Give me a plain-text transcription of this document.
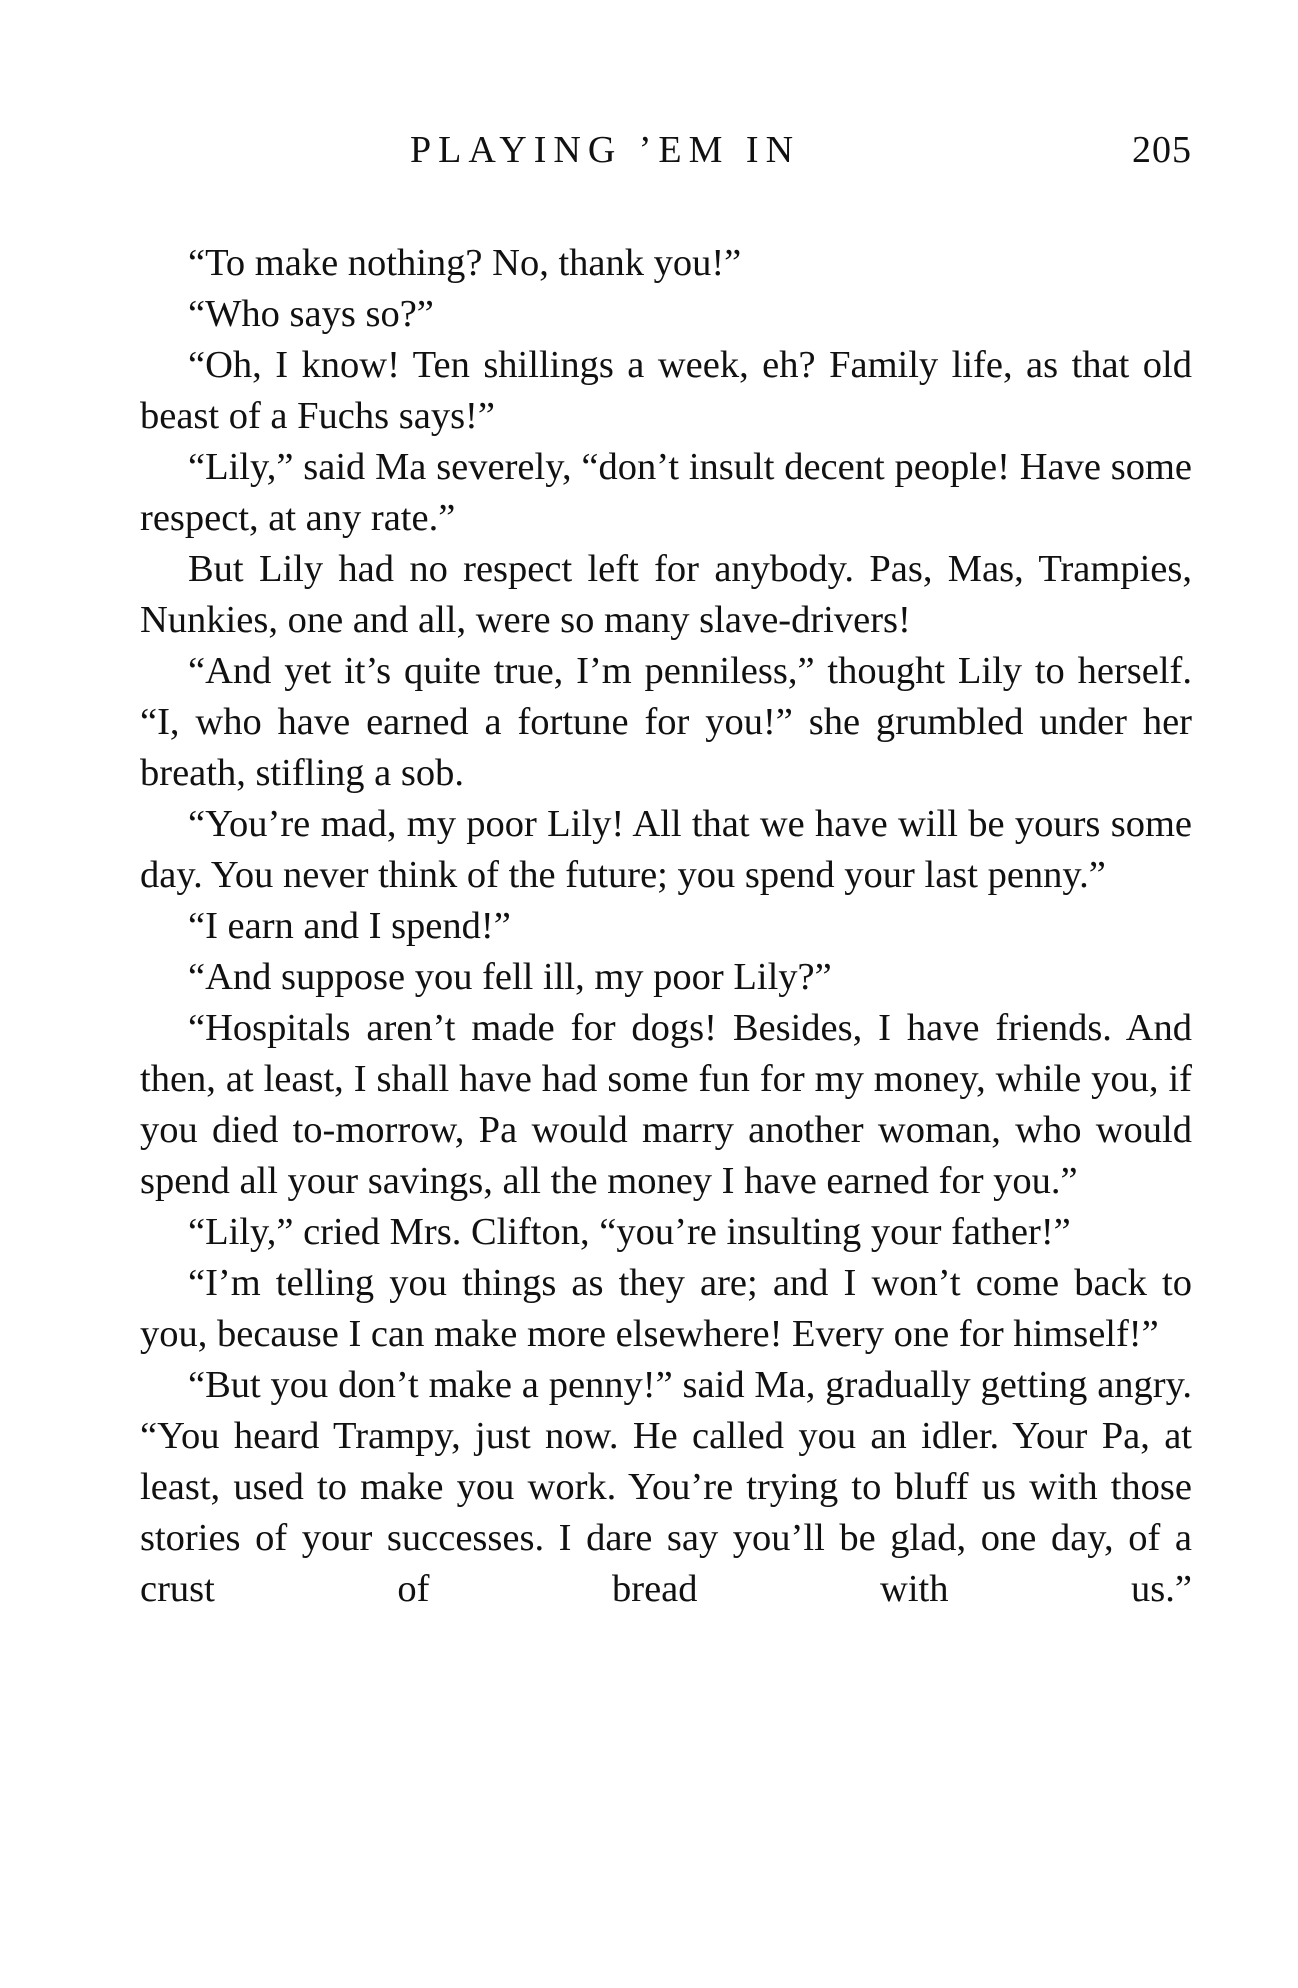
PLAYING ’EM IN	205

“To make nothing? No, thank you!”

“Who says so?”

“Oh, I know! Ten shillings a week, eh? Family life, as that old beast of a Fuchs says!”

“Lily,” said Ma severely, “don’t insult decent people! Have some respect, at any rate.”

But Lily had no respect left for anybody. Pas, Mas, Trampies, Nunkies, one and all, were so many slave-drivers!

“And yet it’s quite true, I’m penniless,” thought Lily to herself. “I, who have earned a fortune for you!” she grumbled under her breath, stifling a sob.

“You’re mad, my poor Lily! All that we have will be yours some day. You never think of the future; you spend your last penny.”

“I earn and I spend!”

“And suppose you fell ill, my poor Lily?”

“Hospitals aren’t made for dogs! Besides, I have friends. And then, at least, I shall have had some fun for my money, while you, if you died to-morrow, Pa would marry another woman, who would spend all your savings, all the money I have earned for you.”

“Lily,” cried Mrs. Clifton, “you’re insulting your father!”

“I’m telling you things as they are; and I won’t come back to you, because I can make more elsewhere! Every one for himself!”

“But you don’t make a penny!” said Ma, gradually getting angry. “You heard Trampy, just now. He called you an idler. Your Pa, at least, used to make you work. You’re trying to bluff us with those stories of your successes. I dare say you’ll be glad, one day, of a crust of bread with us.”
